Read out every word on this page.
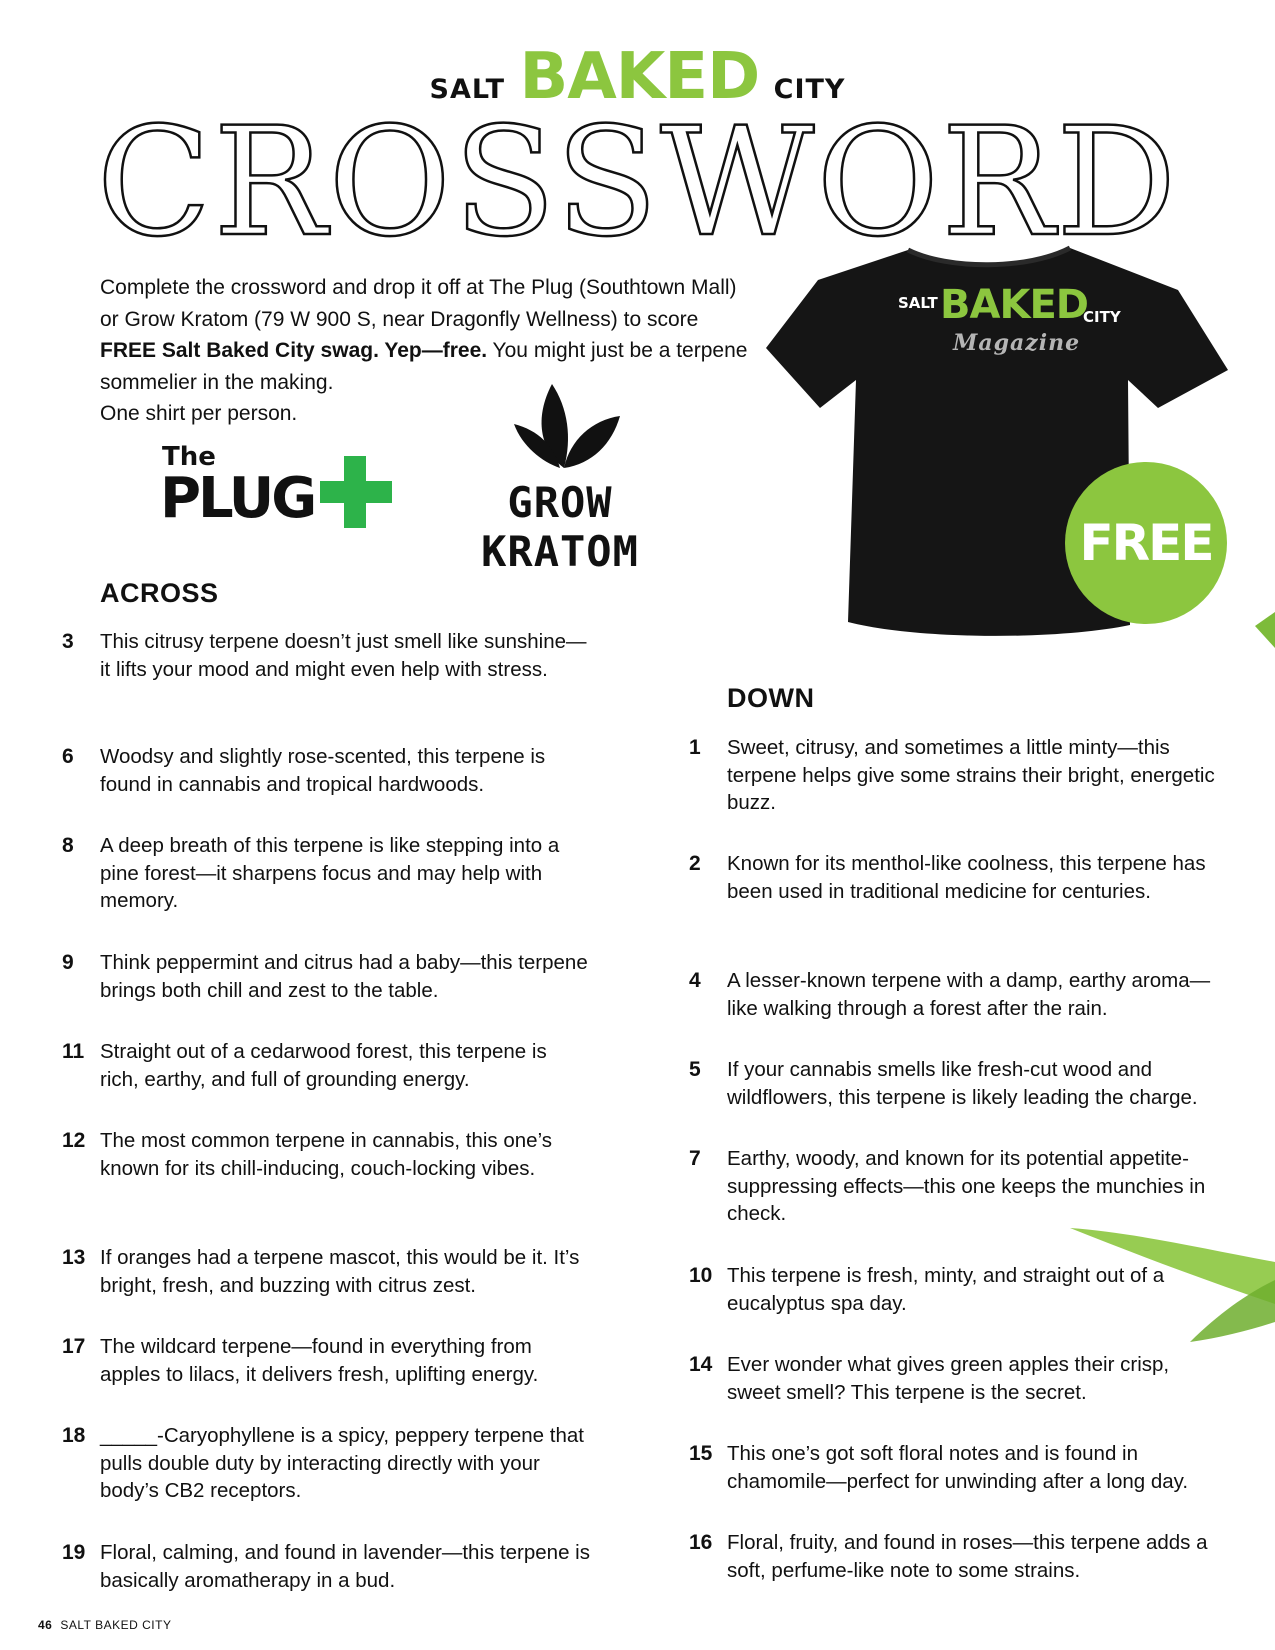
SALT BAKED CITY
CROSSWORD
Complete the crossword and drop it off at The Plug (Southtown Mall) or Grow Kratom (79 W 900 S, near Dragonfly Wellness) to score FREE Salt Baked City swag. Yep—free. You might just be a terpene sommelier in the making.
One shirt per person.
The
PLUG	GROW KRATOM
SALT BAKED
CITY
Magazine
FREE
ACROSS
3 This citrusy terpene doesn’t just smell like sunshine—it lifts your mood and might even help with stress.
6 Woodsy and slightly rose-scented, this terpene is found in cannabis and tropical hardwoods.
8 A deep breath of this terpene is like stepping into a pine forest—it sharpens focus and may help with memory.
9 Think peppermint and citrus had a baby—this terpene brings both chill and zest to the table.
11 Straight out of a cedarwood forest, this terpene is rich, earthy, and full of grounding energy.
12 The most common terpene in cannabis, this one’s known for its chill-inducing, couch-locking vibes.
13 If oranges had a terpene mascot, this would be it. It’s bright, fresh, and buzzing with citrus zest.
17 The wildcard terpene—found in everything from apples to lilacs, it delivers fresh, uplifting energy.
18 _____-Caryophyllene is a spicy, peppery terpene that pulls double duty by interacting directly with your body’s CB2 receptors.
19 Floral, calming, and found in lavender—this terpene is basically aromatherapy in a bud.
DOWN
1 Sweet, citrusy, and sometimes a little minty—this terpene helps give some strains their bright, energetic buzz.
2 Known for its menthol-like coolness, this terpene has been used in traditional medicine for centuries.
4 A lesser-known terpene with a damp, earthy aroma—like walking through a forest after the rain.
5 If your cannabis smells like fresh-cut wood and wildflowers, this terpene is likely leading the charge.
7 Earthy, woody, and known for its potential appetite-suppressing effects—this one keeps the munchies in check.
10 This terpene is fresh, minty, and straight out of a eucalyptus spa day.
14 Ever wonder what gives green apples their crisp, sweet smell? This terpene is the secret.
15 This one’s got soft floral notes and is found in chamomile—perfect for unwinding after a long day.
16 Floral, fruity, and found in roses—this terpene adds a soft, perfume-like note to some strains.
46 SALT BAKED CITY
